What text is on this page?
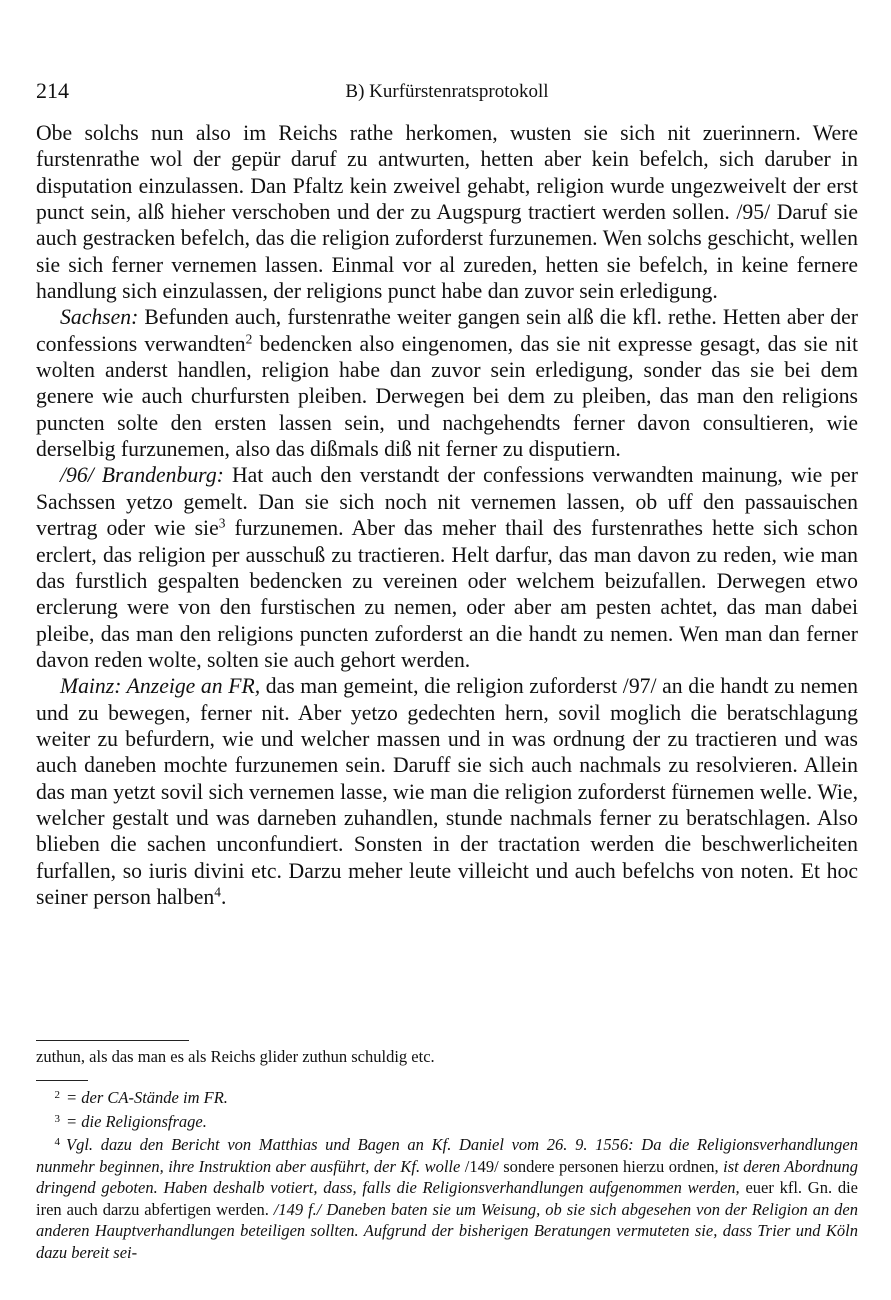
214	B) Kurfürstenratsprotokoll

Obe solchs nun also im Reichs rathe herkomen, wusten sie sich nit zuerinnern. Were furstenrathe wol der gepür daruf zu antwurten, hetten aber kein befelch, sich daruber in disputation einzulassen. Dan Pfaltz kein zweivel gehabt, religion wurde ungezweivelt der erst punct sein, alß hieher verschoben und der zu Augspurg tractiert werden sollen. /95/ Daruf sie auch gestracken befelch, das die religion zuforderst furzunemen. Wen solchs geschicht, wellen sie sich ferner vernemen lassen. Einmal vor al zureden, hetten sie befelch, in keine fernere handlung sich einzulassen, der religions punct habe dan zuvor sein erledigung.

Sachsen: Befunden auch, furstenrathe weiter gangen sein alß die kfl. rethe. Hetten aber der confessions verwandten$^2$ bedencken also eingenomen, das sie nit expresse gesagt, das sie nit wolten anderst handlen, religion habe dan zuvor sein erledigung, sonder das sie bei dem genere wie auch churfursten pleiben. Derwegen bei dem zu pleiben, das man den religions puncten solte den ersten lassen sein, und nachgehendts ferner davon consultieren, wie derselbig furzunemen, also das dißmals diß nit ferner zu disputiern.

/96/ Brandenburg: Hat auch den verstandt der confessions verwandten mainung, wie per Sachssen yetzo gemelt. Dan sie sich noch nit vernemen lassen, ob uff den passauischen vertrag oder wie sie$^3$ furzunemen. Aber das meher thail des furstenrathes hette sich schon erclert, das religion per ausschuß zu tractieren. Helt darfur, das man davon zu reden, wie man das furstlich gespalten bedencken zu vereinen oder welchem beizufallen. Derwegen etwo erclerung were von den furstischen zu nemen, oder aber am pesten achtet, das man dabei pleibe, das man den religions puncten zuforderst an die handt zu nemen. Wen man dan ferner davon reden wolte, solten sie auch gehort werden.

Mainz: Anzeige an FR, das man gemeint, die religion zuforderst /97/ an die handt zu nemen und zu bewegen, ferner nit. Aber yetzo gedechten hern, sovil moglich die beratschlagung weiter zu befurdern, wie und welcher massen und in was ordnung der zu tractieren und was auch daneben mochte furzunemen sein. Daruff sie sich auch nachmals zu resolvieren. Allein das man yetzt sovil sich vernemen lasse, wie man die religion zuforderst fürnemen welle. Wie, welcher gestalt und was darneben zuhandlen, stunde nachmals ferner zu beratschlagen. Also blieben die sachen unconfundiert. Sonsten in der tractation werden die beschwerlicheiten furfallen, so iuris divini etc. Darzu meher leute villeicht und auch befelchs von noten. Et hoc seiner person halben$^4$.

zuthun, als das man es als Reichs glider zuthun schuldig etc.

2 = der CA-Stände im FR.

3 = die Religionsfrage.

4 Vgl. dazu den Bericht von Matthias und Bagen an Kf. Daniel vom 26. 9. 1556: Da die Religionsverhandlungen nunmehr beginnen, ihre Instruktion aber ausführt, der Kf. wolle /149/ sondere personen hierzu ordnen, ist deren Abordnung dringend geboten. Haben deshalb votiert, dass, falls die Religionsverhandlungen aufgenommen werden, euer kfl. Gn. die iren auch darzu abfertigen werden. /149 f./ Daneben baten sie um Weisung, ob sie sich abgesehen von der Religion an den anderen Hauptverhandlungen beteiligen sollten. Aufgrund der bisherigen Beratungen vermuteten sie, dass Trier und Köln dazu bereit sei-
